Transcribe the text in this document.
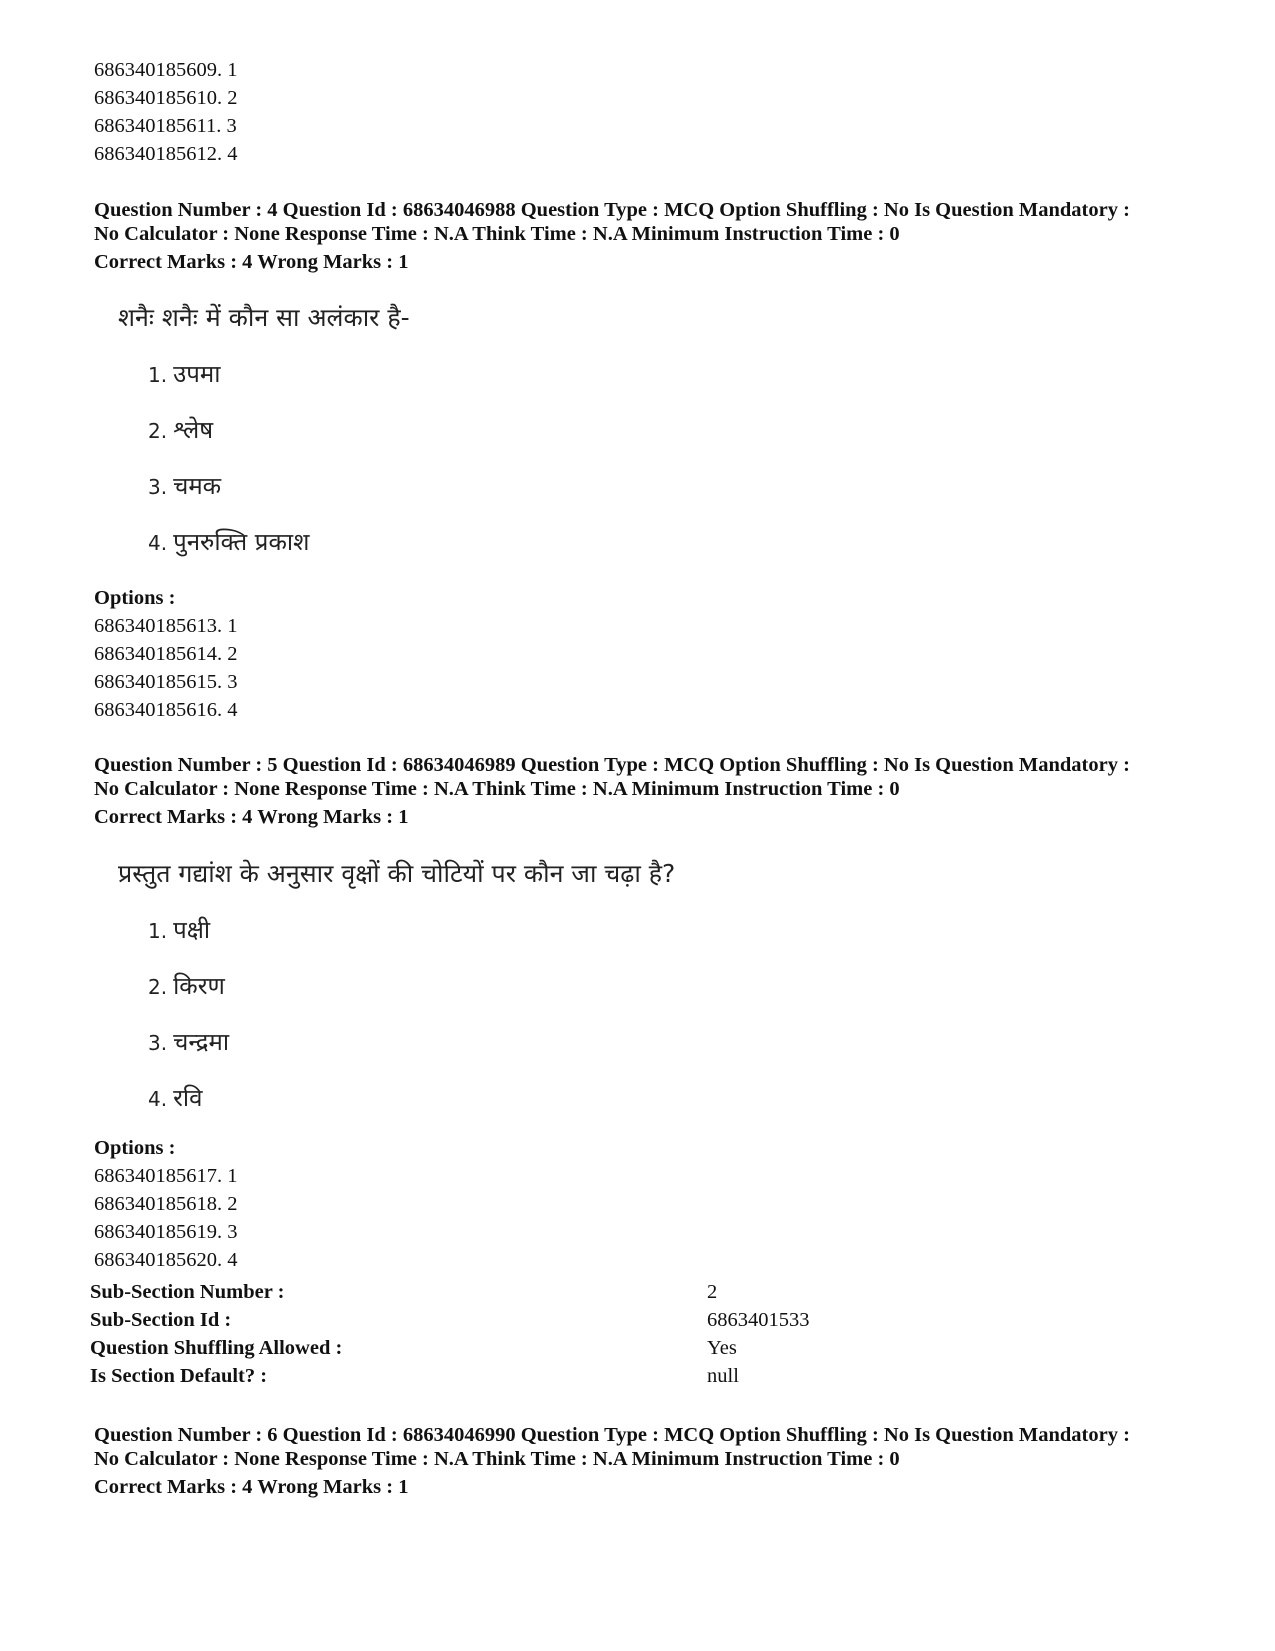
686340185609. 1
686340185610. 2
686340185611. 3
686340185612. 4
Question Number : 4 Question Id : 68634046988 Question Type : MCQ Option Shuffling : No Is Question Mandatory :
No Calculator : None Response Time : N.A Think Time : N.A Minimum Instruction Time : 0
Correct Marks : 4 Wrong Marks : 1
शनैः शनैः में कौन सा अलंकार है-
1. उपमा
2. श्लेष
3. चमक
4. पुनरुक्ति प्रकाश
Options :
686340185613. 1
686340185614. 2
686340185615. 3
686340185616. 4
Question Number : 5 Question Id : 68634046989 Question Type : MCQ Option Shuffling : No Is Question Mandatory :
No Calculator : None Response Time : N.A Think Time : N.A Minimum Instruction Time : 0
Correct Marks : 4 Wrong Marks : 1
प्रस्तुत गद्यांश के अनुसार वृक्षों की चोटियों पर कौन जा चढ़ा है?
1. पक्षी
2. किरण
3. चन्द्रमा
4. रवि
Options :
686340185617. 1
686340185618. 2
686340185619. 3
686340185620. 4
Sub-Section Number :	2
Sub-Section Id :	6863401533
Question Shuffling Allowed :	Yes
Is Section Default? :	null
Question Number : 6 Question Id : 68634046990 Question Type : MCQ Option Shuffling : No Is Question Mandatory :
No Calculator : None Response Time : N.A Think Time : N.A Minimum Instruction Time : 0
Correct Marks : 4 Wrong Marks : 1
